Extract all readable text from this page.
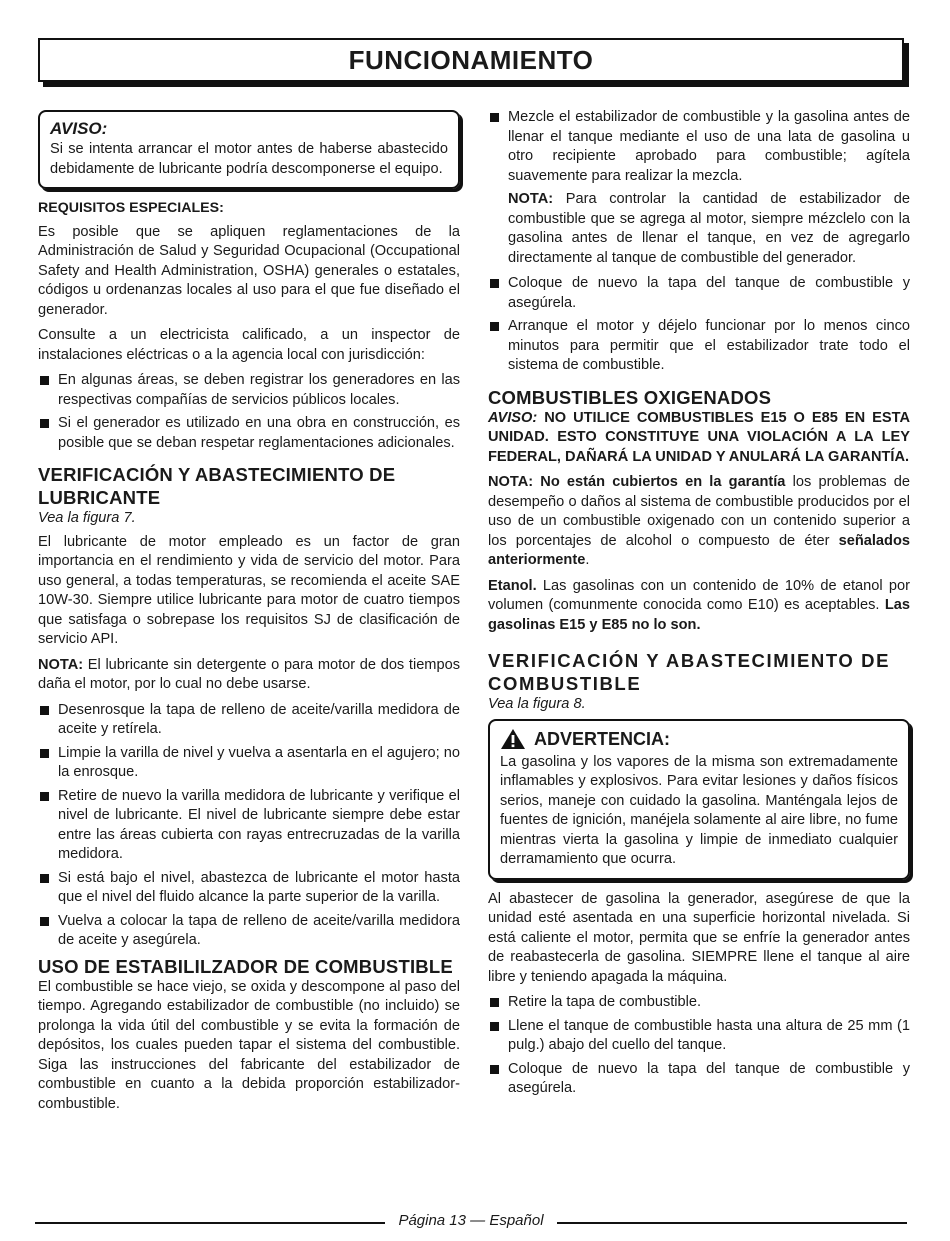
FUNCIONAMIENTO
AVISO:

Si se intenta arrancar el motor antes de haberse abastecido debidamente de lubricante podría descomponerse el equipo.

REQUISITOS ESPECIALES:

Es posible que se apliquen reglamentaciones de la Administración de Salud y Seguridad Ocupacional (Occupational Safety and Health Administration, OSHA) generales o estatales, códigos u ordenanzas locales al uso para el que fue diseñado el generador.

Consulte a un electricista calificado, a un inspector de instalaciones eléctricas o a la agencia local con jurisdicción:

En algunas áreas, se deben registrar los generadores en las respectivas compañías de servicios públicos locales.
Si el generador es utilizado en una obra en construcción, es posible que se deban respetar reglamentaciones adicionales.
VERIFICACIÓN Y ABASTECIMIENTO DE LUBRICANTE
Vea la figura 7.

El lubricante de motor empleado es un factor de gran importancia en el rendimiento y vida de servicio del motor. Para uso general, a todas temperaturas, se recomienda el aceite SAE 10W-30. Siempre utilice lubricante para motor de cuatro tiempos que satisfaga o sobrepase los requisitos SJ de clasificación de servicio API.

NOTA: El lubricante sin detergente o para motor de dos tiempos daña el motor, por lo cual no debe usarse.

Desenrosque la tapa de relleno de aceite/varilla medidora de aceite y retírela.
Limpie la varilla de nivel y vuelva a asentarla en el agujero; no la enrosque.
Retire de nuevo la varilla medidora de lubricante y verifique el nivel de lubricante. El nivel de lubricante siempre debe estar entre las áreas cubierta con rayas entrecruzadas de la varilla medidora.
Si está bajo el nivel, abastezca de lubricante el motor hasta que el nivel del fluido alcance la parte superior de la varilla.
Vuelva a colocar la tapa de relleno de aceite/varilla medidora de aceite y asegúrela.
USO DE ESTABILILZADOR DE COMBUSTIBLE

El combustible se hace viejo, se oxida y descompone al paso del tiempo. Agregando estabilizador de combustible (no incluido) se prolonga la vida útil del combustible y se evita la formación de depósitos, los cuales pueden tapar el sistema del combustible. Siga las instrucciones del fabricante del estabilizador de combustible en cuanto a la debida proporción estabilizador-combustible.

Mezcle el estabilizador de combustible y la gasolina antes de llenar el tanque mediante el uso de una lata de gasolina u otro recipiente aprobado para combustible; agítela suavemente para realizar la mezcla.

NOTA: Para controlar la cantidad de estabilizador de combustible que se agrega al motor, siempre mézclelo con la gasolina antes de llenar el tanque, en vez de agregarlo directamente al tanque de combustible del generador.

Coloque de nuevo la tapa del tanque de combustible y asegúrela.
Arranque el motor y déjelo funcionar por lo menos cinco minutos para permitir que el estabilizador trate todo el sistema de combustible.
COMBUSTIBLES OXIGENADOS

AVISO: NO UTILICE COMBUSTIBLES E15 O E85 EN ESTA UNIDAD. ESTO CONSTITUYE UNA VIOLACIÓN A LA LEY FEDERAL, DAÑARÁ LA UNIDAD Y ANULARÁ LA GARANTÍA.

NOTA: No están cubiertos en la garantía los problemas de desempeño o daños al sistema de combustible producidos por el uso de un combustible oxigenado con un contenido superior a los porcentajes de alcohol o compuesto de éter señalados anteriormente.

Etanol. Las gasolinas con un contenido de 10% de etanol por volumen (comunmente conocida como E10) es aceptables. Las gasolinas E15 y E85 no lo son.

VERIFICACIÓN Y ABASTECIMIENTO DE COMBUSTIBLE
Vea la figura 8.
ADVERTENCIA:

La gasolina y los vapores de la misma son extremadamente inflamables y explosivos. Para evitar lesiones y daños físicos serios, maneje con cuidado la gasolina. Manténgala lejos de fuentes de ignición, manéjela solamente al aire libre, no fume mientras vierta la gasolina y limpie de inmediato cualquier derramamiento que ocurra.

Al abastecer de gasolina la generador, asegúrese de que la unidad esté asentada en una superficie horizontal nivelada. Si está caliente el motor, permita que se enfríe la generador antes de reabastecerla de gasolina. SIEMPRE llene el tanque al aire libre y teniendo apagada la máquina.

Retire la tapa de combustible.
Llene el tanque de combustible hasta una altura de 25 mm (1 pulg.) abajo del cuello del tanque.
Coloque de nuevo la tapa del tanque de combustible y asegúrela.
Página 13 — Español
